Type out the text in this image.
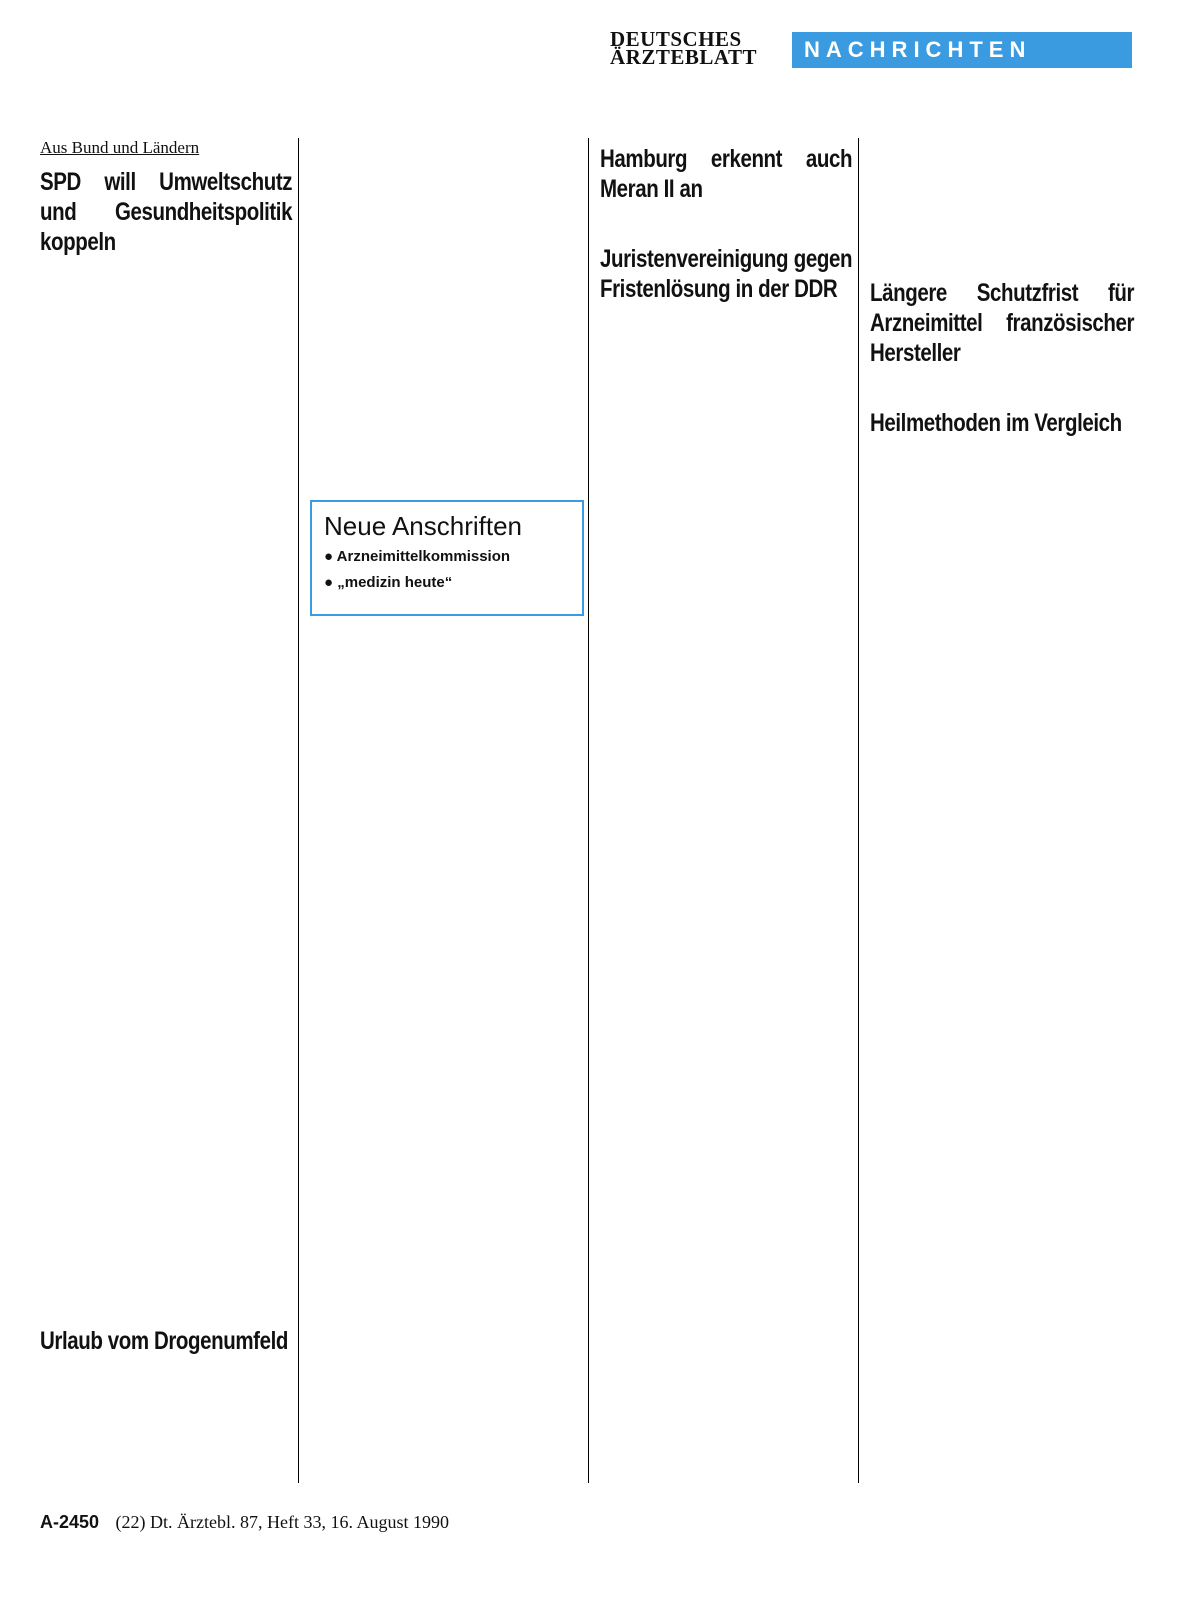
DEUTSCHES
ÄRZTEBLATT	NACHRICHTEN
Aus Bund und Ländern
SPD will Umweltschutz und Gesundheitspolitik koppeln

Neue Anschriften
● Arzneimittelkommission

● „medizin heute“

Hamburg erkennt auch Meran II an

Juristenvereinigung gegen Fristenlösung in der DDR	Längere Schutzfrist für Arzneimittel französischer Hersteller

Heilmethoden im Vergleich

Urlaub vom Drogenumfeld

A-2450 (22) Dt. Ärztebl. 87, Heft 33, 16. August 1990
